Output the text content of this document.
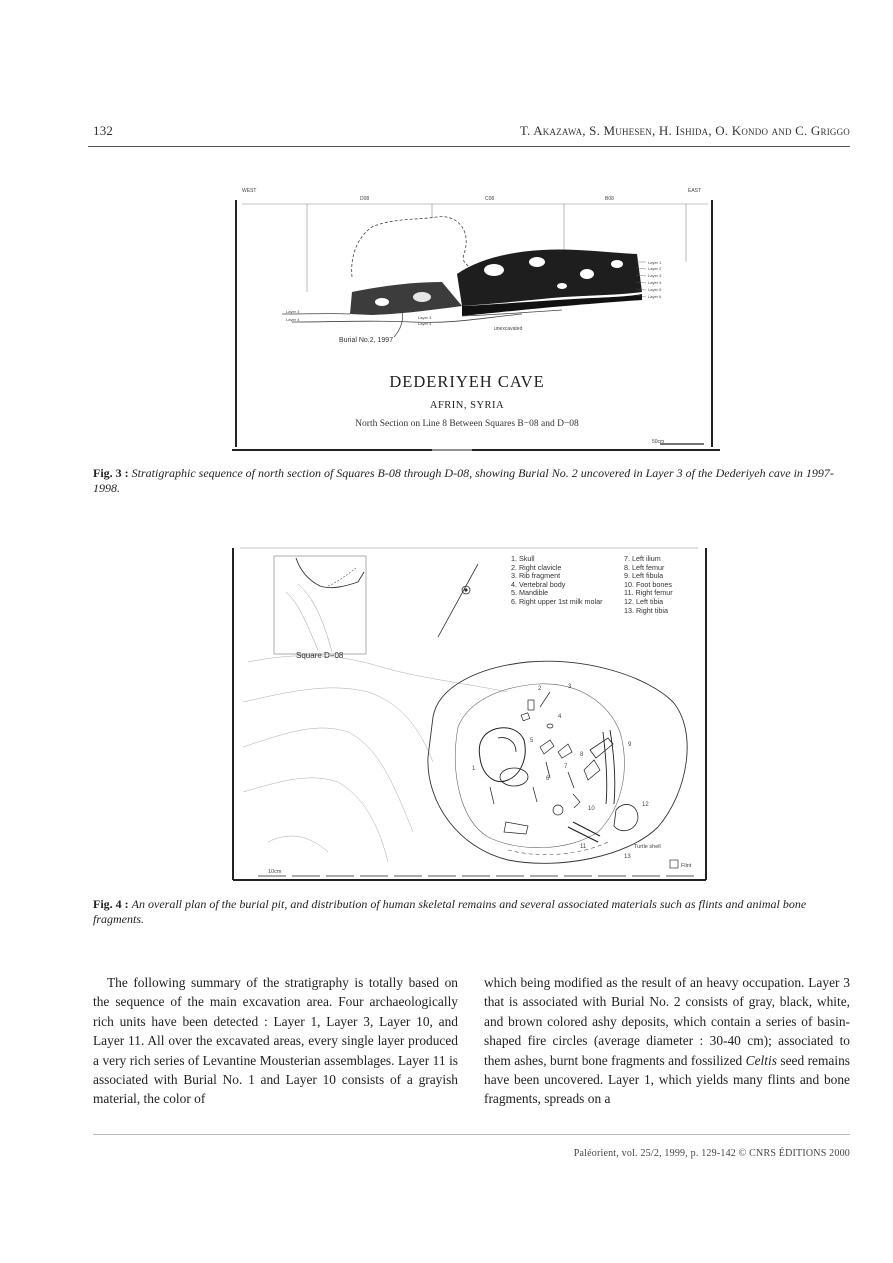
132	T. Akazawa, S. Muhesen, H. Ishida, O. Kondo and C. Griggo
WEST	EAST
D08	C08	B08
Layer 1
Layer 2
Layer 3
Layer 4
Layer 5
Layer 6
Layer 3
Layer 4	Layer 3
Layer 4
unexcavated
Burial No.2, 1997
DEDERIYEH CAVE
AFRIN, SYRIA
North Section on Line 8 Between Squares B−08 and D−08
50cm
Fig. 3 : Stratigraphic sequence of north section of Squares B-08 through D-08, showing Burial No. 2 uncovered in Layer 3 of the Dederiyeh cave in 1997-1998.
2	3
4
1
6
8
9
5
7
10
11
12
13
Turtle shell
Flint
10cm
Square D−08
1. Skull
2. Right clavicle
3. Rib fragment
4. Vertebral body
5. Mandible
6. Right upper 1st milk molar
7. Left ilium
8. Left femur
9. Left fibula
10. Foot bones
11. Right femur
12. Left tibia
13. Right tibia
Fig. 4 : An overall plan of the burial pit, and distribution of human skeletal remains and several associated materials such as flints and animal bone fragments.

The following summary of the stratigraphy is totally based on the sequence of the main excavation area. Four archaeologically rich units have been detected : Layer 1, Layer 3, Layer 10, and Layer 11. All over the excavated areas, every single layer produced a very rich series of Levantine Mousterian assemblages. Layer 11 is associated with Burial No. 1 and Layer 10 consists of a grayish material, the color of

which being modified as the result of an heavy occupation. Layer 3 that is associated with Burial No. 2 consists of gray, black, white, and brown colored ashy deposits, which contain a series of basin-shaped fire circles (average diameter : 30-40 cm); associated to them ashes, burnt bone fragments and fossilized Celtis seed remains have been uncovered. Layer 1, which yields many flints and bone fragments, spreads on a

Paléorient, vol. 25/2, 1999, p. 129-142 © CNRS ÉDITIONS 2000
